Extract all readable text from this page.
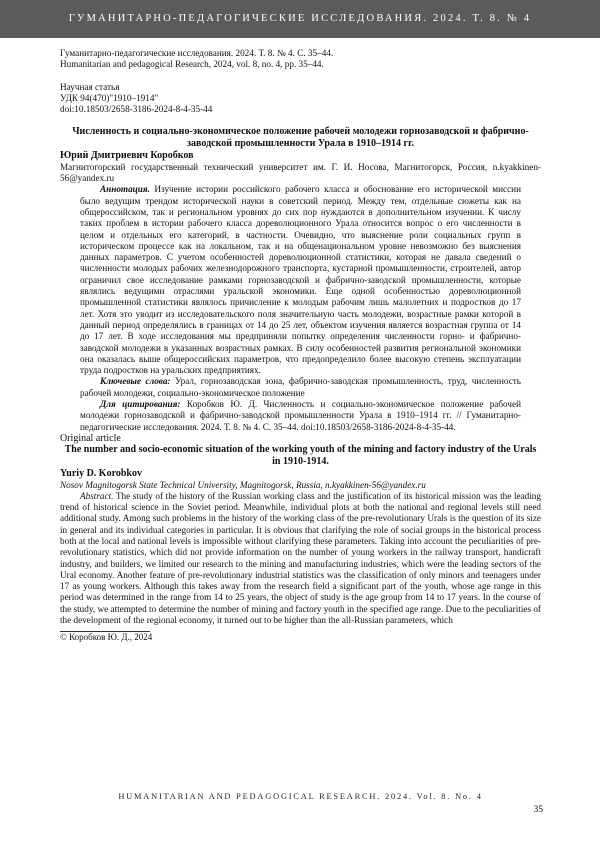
ГУМАНИТАРНО-ПЕДАГОГИЧЕСКИЕ ИССЛЕДОВАНИЯ. 2024. Т. 8. № 4

Гуманитарно-педагогические исследования. 2024. Т. 8. № 4. С. 35–44.

Humanitarian and pedagogical Research, 2024, vol. 8, no. 4, pp. 35–44.

Научная статья

УДК 94(470)"1910–1914"

doi:10.18503/2658-3186-2024-8-4-35-44

Численность и социально-экономическое положение рабочей молодежи горнозаводской и фабрично-заводской промышленности Урала в 1910–1914 гг.

Юрий Дмитриевич Коробков

Магнитогорский государственный технический университет им. Г. И. Носова, Магнитогорск, Россия, n.kyakkinen-56@yandex.ru

Аннотация. Изучение истории российского рабочего класса и обоснование его исторической миссии было ведущим трендом исторической науки в советский период. Между тем, отдельные сюжеты как на общероссийском, так и региональном уровнях до сих пор нуждаются в дополнительном изучении. К числу таких проблем в истории рабочего класса дореволюционного Урала относится вопрос о его численности в целом и отдельных его категорий, в частности. Очевидно, что выяснение роли социальных групп в историческом процессе как на локальном, так и на общенациональном уровне невозможно без выяснения данных параметров. С учетом особенностей дореволюционной статистики, которая не давала сведений о численности молодых рабочих железнодорожного транспорта, кустарной промышленности, строителей, автор ограничил свое исследование рамками горнозаводской и фабрично-заводской промышленности, которые являлись ведущими отраслями уральской экономики. Еще одной особенностью дореволюционной промышленной статистики являлось причисление к молодым рабочим лишь малолетних и подростков до 17 лет. Хотя это уводит из исследовательского поля значительную часть молодежи, возрастные рамки которой в данный период определялись в границах от 14 до 25 лет, объектом изучения является возрастная группа от 14 до 17 лет. В ходе исследования мы предприняли попытку определения численности горно- и фабрично-заводской молодежи в указанных возрастных рамках. В силу особенностей развития региональной экономики она оказалась выше общероссийских параметров, что предопределило более высокую степень эксплуатации труда подростков на уральских предприятиях.

Ключевые слова: Урал, горнозаводская зона, фабрично-заводская промышленность, труд, численность рабочей молодежи, социально-экономическое положение

Для цитирования: Коробков Ю. Д. Численность и социально-экономическое положение рабочей молодежи горнозаводской и фабрично-заводской промышленности Урала в 1910–1914 гг. // Гуманитарно-педагогические исследования. 2024. Т. 8. № 4. С. 35–44. doi:10.18503/2658-3186-2024-8-4-35-44.

Original article

The number and socio-economic situation of the working youth of the mining and factory industry of the Urals in 1910-1914.

Yuriy D. Korobkov

Nosov Magnitogorsk State Technical University, Magnitogorsk, Russia, n.kyakkinen-56@yandex.ru

Abstract. The study of the history of the Russian working class and the justification of its historical mission was the leading trend of historical science in the Soviet period. Meanwhile, individual plots at both the national and regional levels still need additional study. Among such problems in the history of the working class of the pre-revolutionary Urals is the question of its size in general and its individual categories in particular. It is obvious that clarifying the role of social groups in the historical process both at the local and national levels is impossible without clarifying these parameters. Taking into account the peculiarities of pre-revolutionary statistics, which did not provide information on the number of young workers in the railway transport, handicraft industry, and builders, we limited our research to the mining and manufacturing industries, which were the leading sectors of the Ural economy. Another feature of pre-revolutionary industrial statistics was the classification of only minors and teenagers under 17 as young workers. Although this takes away from the research field a significant part of the youth, whose age range in this period was determined in the range from 14 to 25 years, the object of study is the age group from 14 to 17 years. In the course of the study, we attempted to determine the number of mining and factory youth in the specified age range. Due to the peculiarities of the development of the regional economy, it turned out to be higher than the all-Russian parameters, which

© Коробков Ю. Д., 2024

HUMANITARIAN AND PEDAGOGICAL RESEARCH. 2024. Vol. 8. No. 4
35
